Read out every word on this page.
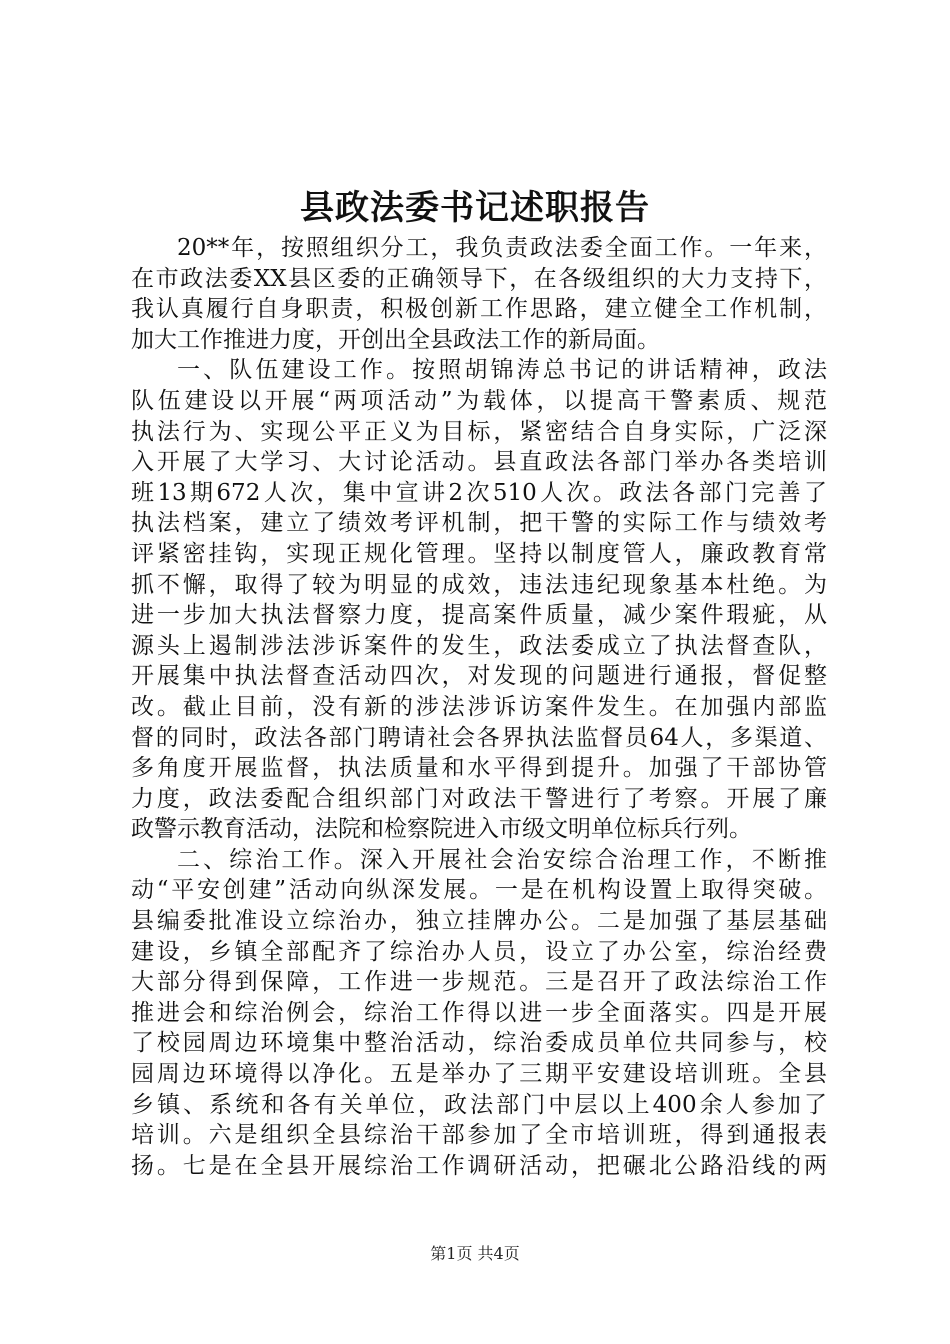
县政法委书记述职报告
20**年，按照组织分工，我负责政法委全面工作。一年来，
在市政法委XX县区委的正确领导下，在各级组织的大力支持下，
我认真履行自身职责，积极创新工作思路，建立健全工作机制，
加大工作推进力度，开创出全县政法工作的新局面。
一、队伍建设工作。按照胡锦涛总书记的讲话精神，政法
队伍建设以开展“两项活动”为载体，以提高干警素质、规范
执法行为、实现公平正义为目标，紧密结合自身实际，广泛深
入开展了大学习、大讨论活动。县直政法各部门举办各类培训
班13期672人次，集中宣讲2次510人次。政法各部门完善了
执法档案，建立了绩效考评机制，把干警的实际工作与绩效考
评紧密挂钩，实现正规化管理。坚持以制度管人，廉政教育常
抓不懈，取得了较为明显的成效，违法违纪现象基本杜绝。为
进一步加大执法督察力度，提高案件质量，减少案件瑕疵，从
源头上遏制涉法涉诉案件的发生，政法委成立了执法督查队，
开展集中执法督查活动四次，对发现的问题进行通报，督促整
改。截止目前，没有新的涉法涉诉访案件发生。在加强内部监
督的同时，政法各部门聘请社会各界执法监督员64人，多渠道、
多角度开展监督，执法质量和水平得到提升。加强了干部协管
力度，政法委配合组织部门对政法干警进行了考察。开展了廉
政警示教育活动，法院和检察院进入市级文明单位标兵行列。
二、综治工作。深入开展社会治安综合治理工作，不断推
动“平安创建”活动向纵深发展。一是在机构设置上取得突破。
县编委批准设立综治办，独立挂牌办公。二是加强了基层基础
建设，乡镇全部配齐了综治办人员，设立了办公室，综治经费
大部分得到保障，工作进一步规范。三是召开了政法综治工作
推进会和综治例会，综治工作得以进一步全面落实。四是开展
了校园周边环境集中整治活动，综治委成员单位共同参与，校
园周边环境得以净化。五是举办了三期平安建设培训班。全县
乡镇、系统和各有关单位，政法部门中层以上400余人参加了
培训。六是组织全县综治干部参加了全市培训班，得到通报表
扬。七是在全县开展综治工作调研活动，把碾北公路沿线的两
第1页 共4页
